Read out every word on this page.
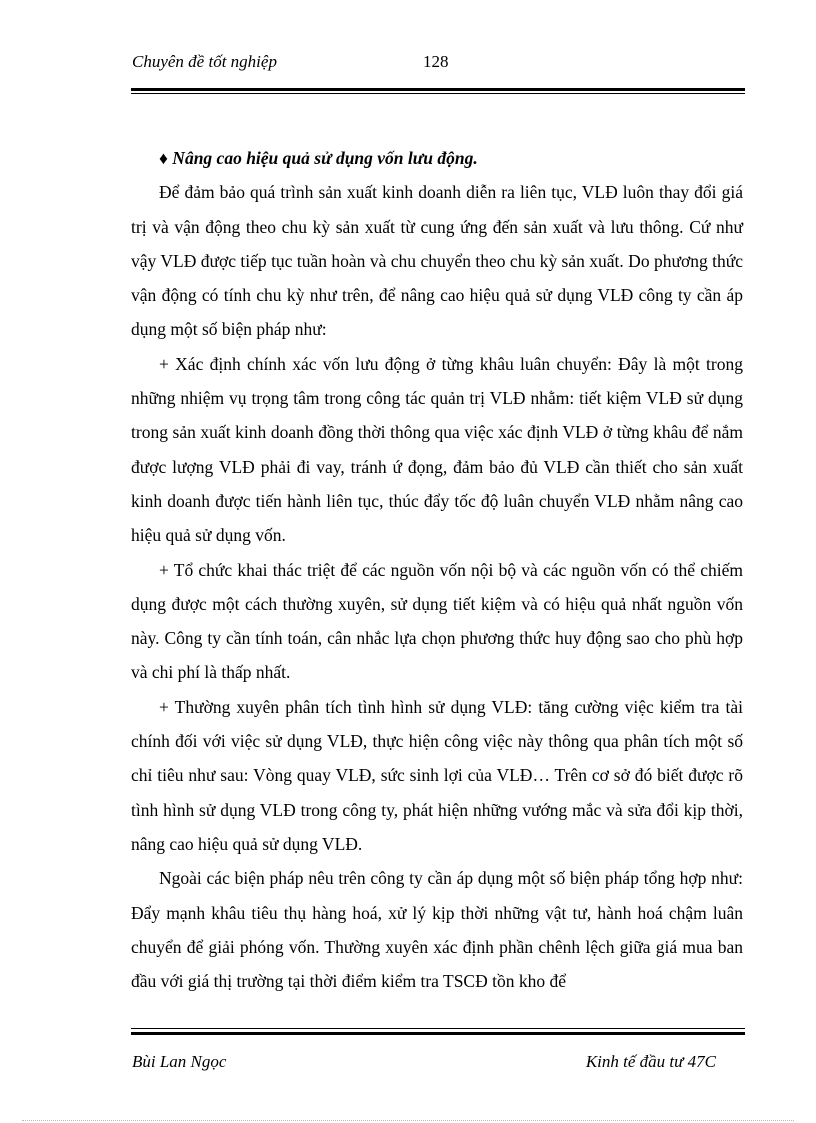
Chuyên đề tốt nghiệp	128

♦ Nâng cao hiệu quả sử dụng vốn lưu động.

Để đảm bảo quá trình sản xuất kinh doanh diễn ra liên tục, VLĐ luôn thay đổi giá trị và vận động theo chu kỳ sản xuất từ cung ứng đến sản xuất và lưu thông. Cứ như vậy VLĐ được tiếp tục tuần hoàn và chu chuyển theo chu kỳ sản xuất. Do phương thức vận động có tính chu kỳ như trên, để nâng cao hiệu quả sử dụng VLĐ công ty cần áp dụng một số biện pháp như:

+ Xác định chính xác vốn lưu động ở từng khâu luân chuyển: Đây là một trong những nhiệm vụ trọng tâm trong công tác quản trị VLĐ nhằm: tiết kiệm VLĐ sử dụng trong sản xuất kinh doanh đồng thời thông qua việc xác định VLĐ ở từng khâu để nắm được lượng VLĐ phải đi vay, tránh ứ đọng, đảm bảo đủ VLĐ cần thiết cho sản xuất kinh doanh được tiến hành liên tục, thúc đẩy tốc độ luân chuyển VLĐ nhằm nâng cao hiệu quả sử dụng vốn.

+ Tổ chức khai thác triệt để các nguồn vốn nội bộ và các nguồn vốn có thể chiếm dụng được một cách thường xuyên, sử dụng tiết kiệm và có hiệu quả nhất nguồn vốn này. Công ty cần tính toán, cân nhắc lựa chọn phương thức huy động sao cho phù hợp và chi phí là thấp nhất.

+ Thường xuyên phân tích tình hình sử dụng VLĐ: tăng cường việc kiểm tra tài chính đối với việc sử dụng VLĐ, thực hiện công việc này thông qua phân tích một số chỉ tiêu như sau: Vòng quay VLĐ, sức sinh lợi của VLĐ… Trên cơ sở đó biết được rõ tình hình sử dụng VLĐ trong công ty, phát hiện những vướng mắc và sửa đổi kịp thời, nâng cao hiệu quả sử dụng VLĐ.

Ngoài các biện pháp nêu trên công ty cần áp dụng một số biện pháp tổng hợp như: Đẩy mạnh khâu tiêu thụ hàng hoá, xử lý kịp thời những vật tư, hành hoá chậm luân chuyển để giải phóng vốn. Thường xuyên xác định phần chênh lệch giữa giá mua ban đầu với giá thị trường tại thời điểm kiểm tra TSCĐ tồn kho để

Bùi Lan Ngọc	Kinh tế đầu tư 47C
